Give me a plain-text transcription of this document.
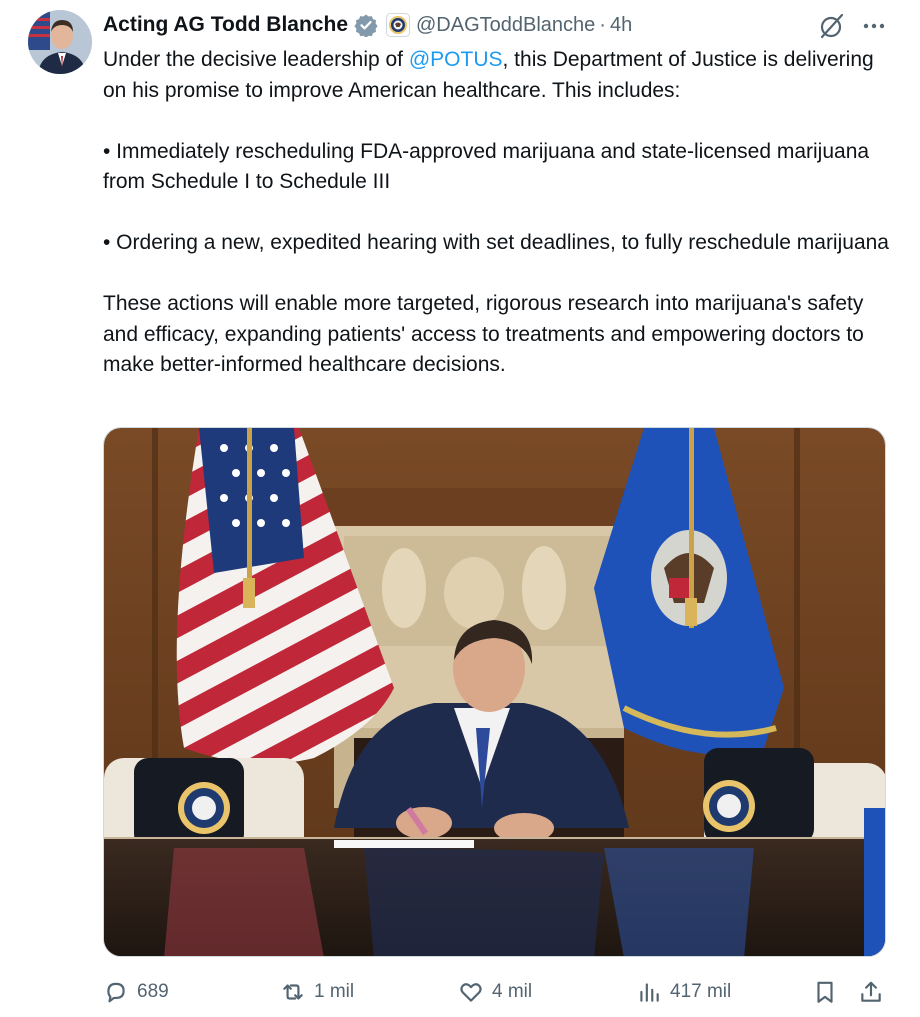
Acting AG Todd Blanche	@DAGToddBlanche · 4h

Under the decisive leadership of @POTUS, this Department of Justice is delivering on his promise to improve American healthcare. This includes:

• Immediately rescheduling FDA-approved marijuana and state-licensed marijuana from Schedule I to Schedule III

• Ordering a new, expedited hearing with set deadlines, to fully reschedule marijuana

These actions will enable more targeted, rigorous research into marijuana's safety and efficacy, expanding patients' access to treatments and empowering doctors to make better-informed healthcare decisions.

689	1 mil	4 mil	417 mil
